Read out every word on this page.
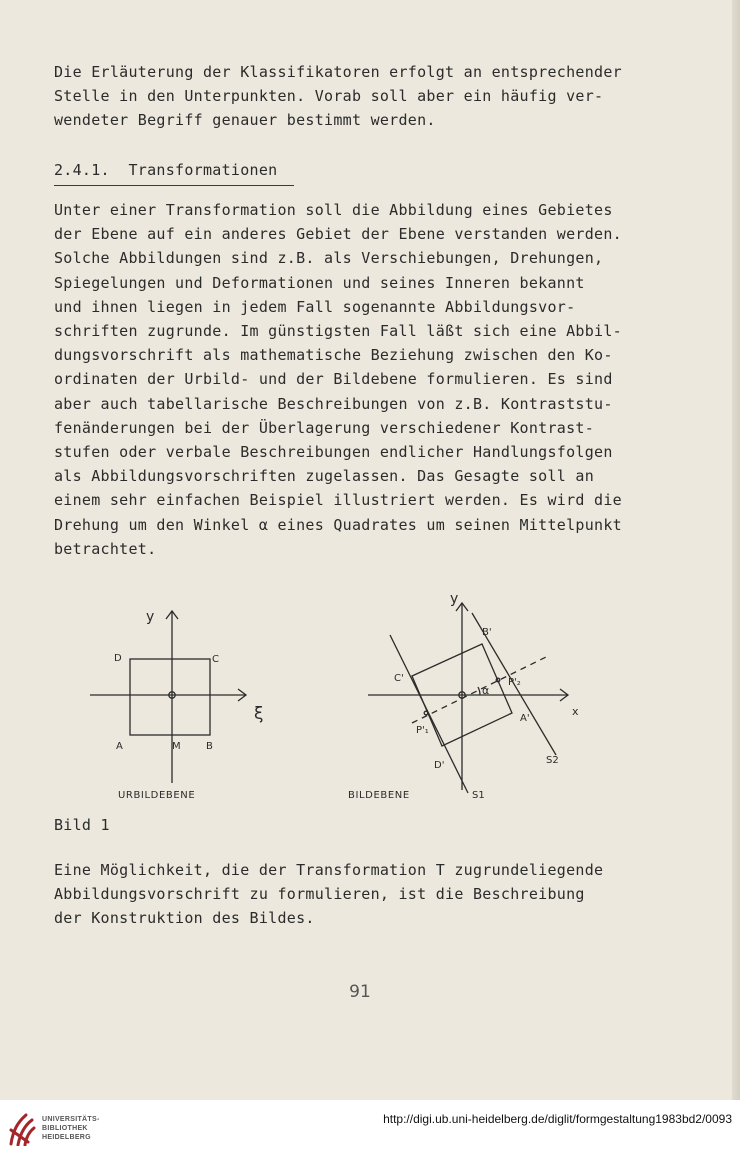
Die Erläuterung der Klassifikatoren erfolgt an entsprechender
Stelle in den Unterpunkten. Vorab soll aber ein häufig ver-
wendeter Begriff genauer bestimmt werden.

2.4.1.  Transformationen

Unter einer Transformation soll die Abbildung eines Gebietes
der Ebene auf ein anderes Gebiet der Ebene verstanden werden.
Solche Abbildungen sind z.B. als Verschiebungen, Drehungen,
Spiegelungen und Deformationen und seines Inneren bekannt
und ihnen liegen in jedem Fall sogenannte Abbildungsvor-
schriften zugrunde. Im günstigsten Fall läßt sich eine Abbil-
dungsvorschrift als mathematische Beziehung zwischen den Ko-
ordinaten der Urbild- und der Bildebene formulieren. Es sind
aber auch tabellarische Beschreibungen von z.B. Kontraststu-
fenänderungen bei der Überlagerung verschiedener Kontrast-
stufen oder verbale Beschreibungen endlicher Handlungsfolgen
als Abbildungsvorschriften zugelassen. Das Gesagte soll an
einem sehr einfachen Beispiel illustriert werden. Es wird die
Drehung um den Winkel α eines Quadrates um seinen Mittelpunkt
betrachtet.

y
ξ
D	C
A	M	B
URBILDEBENE
y
x
B'
C'	P'₂
α
A'
P'₁
D'	S2
S1
BILDEBENE

Bild 1

Eine Möglichkeit, die der Transformation T zugrundeliegende
Abbildungsvorschrift zu formulieren, ist die Beschreibung
der Konstruktion des Bildes.

91

UNIVERSITÄTS-
BIBLIOTHEK
HEIDELBERG

http://digi.ub.uni-heidelberg.de/diglit/formgestaltung1983bd2/0093
